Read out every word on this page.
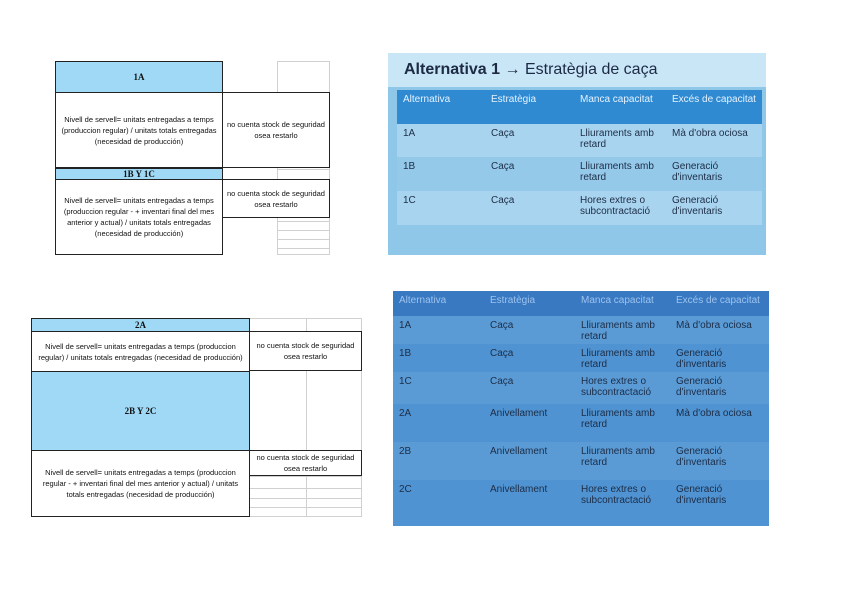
1A
Nivell de servell= unitats entregadas a temps (produccion regular) / unitats totals entregadas (necesidad de producción)
no cuenta stock de seguridad osea restarlo
1B Y 1C
Nivell de servell= unitats entregadas a temps (produccion regular - + inventari final del mes anterior y actual) / unitats totals entregadas (necesidad de producción)
no cuenta stock de seguridad osea restarlo
2A
Nivell de servell= unitats entregadas a temps (produccion regular) / unitats totals entregadas (necesidad de producción)
no cuenta stock de seguridad osea restarlo
2B Y 2C
Nivell de servell= unitats entregadas a temps (produccion regular - + inventari final del mes anterior y actual) / unitats totals entregadas (necesidad de producción)
no cuenta stock de seguridad osea restarlo
Alternativa 1 → Estratègia de caça
Alternativa	Estratègia	Manca capacitat	Excés de capacitat
1A	Caça	Lliuraments amb retard	Mà d'obra ociosa
1B	Caça	Lliuraments amb retard	Generació d'inventaris
1C	Caça	Hores extres o subcontractació	Generació d'inventaris
Alternativa	Estratègia	Manca capacitat	Excés de capacitat
1A	Caça	Lliuraments amb retard	Mà d'obra ociosa
1B	Caça	Lliuraments amb retard	Generació d'inventaris
1C	Caça	Hores extres o subcontractació	Generació d'inventaris
2A	Anivellament	Lliuraments amb retard	Mà d'obra ociosa
2B	Anivellament	Lliuraments amb retard	Generació d'inventaris
2C	Anivellament	Hores extres o subcontractació	Generació d'inventaris
